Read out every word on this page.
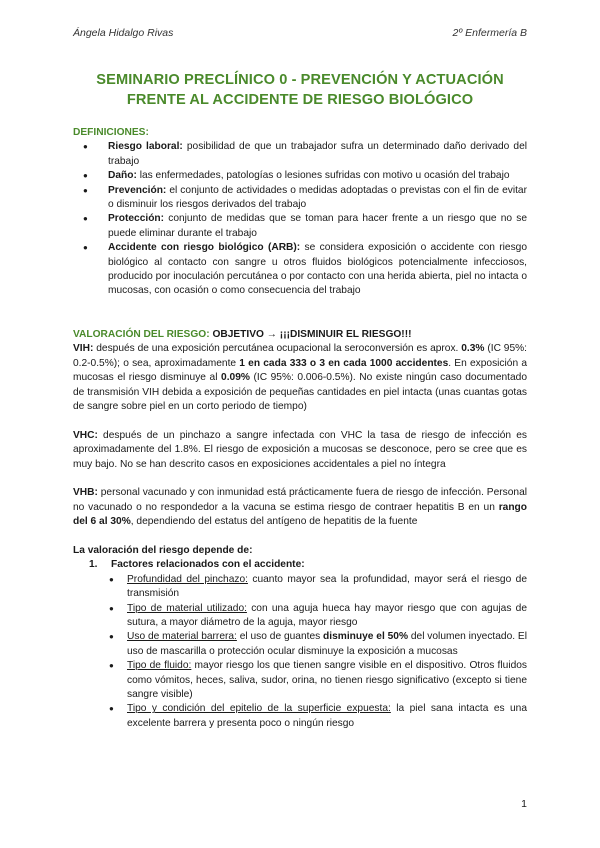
Ángela Hidalgo Rivas	2º Enfermería B
SEMINARIO PRECLÍNICO 0 - PREVENCIÓN Y ACTUACIÓN
FRENTE AL ACCIDENTE DE RIESGO BIOLÓGICO
DEFINICIONES:
● Riesgo laboral: posibilidad de que un trabajador sufra un determinado daño derivado del trabajo
● Daño: las enfermedades, patologías o lesiones sufridas con motivo u ocasión del trabajo
● Prevención: el conjunto de actividades o medidas adoptadas o previstas con el fin de evitar o disminuir los riesgos derivados del trabajo
● Protección: conjunto de medidas que se toman para hacer frente a un riesgo que no se puede eliminar durante el trabajo
● Accidente con riesgo biológico (ARB): se considera exposición o accidente con riesgo biológico al contacto con sangre u otros fluidos biológicos potencialmente infecciosos, producido por inoculación percutánea o por contacto con una herida abierta, piel no intacta o mucosas, con ocasión o como consecuencia del trabajo
VALORACIÓN DEL RIESGO: OBJETIVO → ¡¡¡DISMINUIR EL RIESGO!!!

VIH: después de una exposición percutánea ocupacional la seroconversión es aprox. 0.3% (IC 95%: 0.2-0.5%); o sea, aproximadamente 1 en cada 333 o 3 en cada 1000 accidentes. En exposición a mucosas el riesgo disminuye al 0.09% (IC 95%: 0.006-0.5%). No existe ningún caso documentado de transmisión VIH debida a exposición de pequeñas cantidades en piel intacta (unas cuantas gotas de sangre sobre piel en un corto periodo de tiempo)

VHC: después de un pinchazo a sangre infectada con VHC la tasa de riesgo de infección es aproximadamente del 1.8%. El riesgo de exposición a mucosas se desconoce, pero se cree que es muy bajo. No se han descrito casos en exposiciones accidentales a piel no íntegra

VHB: personal vacunado y con inmunidad está prácticamente fuera de riesgo de infección. Personal no vacunado o no respondedor a la vacuna se estima riesgo de contraer hepatitis B en un rango del 6 al 30%, dependiendo del estatus del antígeno de hepatitis de la fuente

La valoración del riesgo depende de:
1. Factores relacionados con el accidente:
● Profundidad del pinchazo: cuanto mayor sea la profundidad, mayor será el riesgo de transmisión
● Tipo de material utilizado: con una aguja hueca hay mayor riesgo que con agujas de sutura, a mayor diámetro de la aguja, mayor riesgo
● Uso de material barrera: el uso de guantes disminuye el 50% del volumen inyectado. El uso de mascarilla o protección ocular disminuye la exposición a mucosas
● Tipo de fluido: mayor riesgo los que tienen sangre visible en el dispositivo. Otros fluidos como vómitos, heces, saliva, sudor, orina, no tienen riesgo significativo (excepto si tiene sangre visible)
● Tipo y condición del epitelio de la superficie expuesta: la piel sana intacta es una excelente barrera y presenta poco o ningún riesgo
1
